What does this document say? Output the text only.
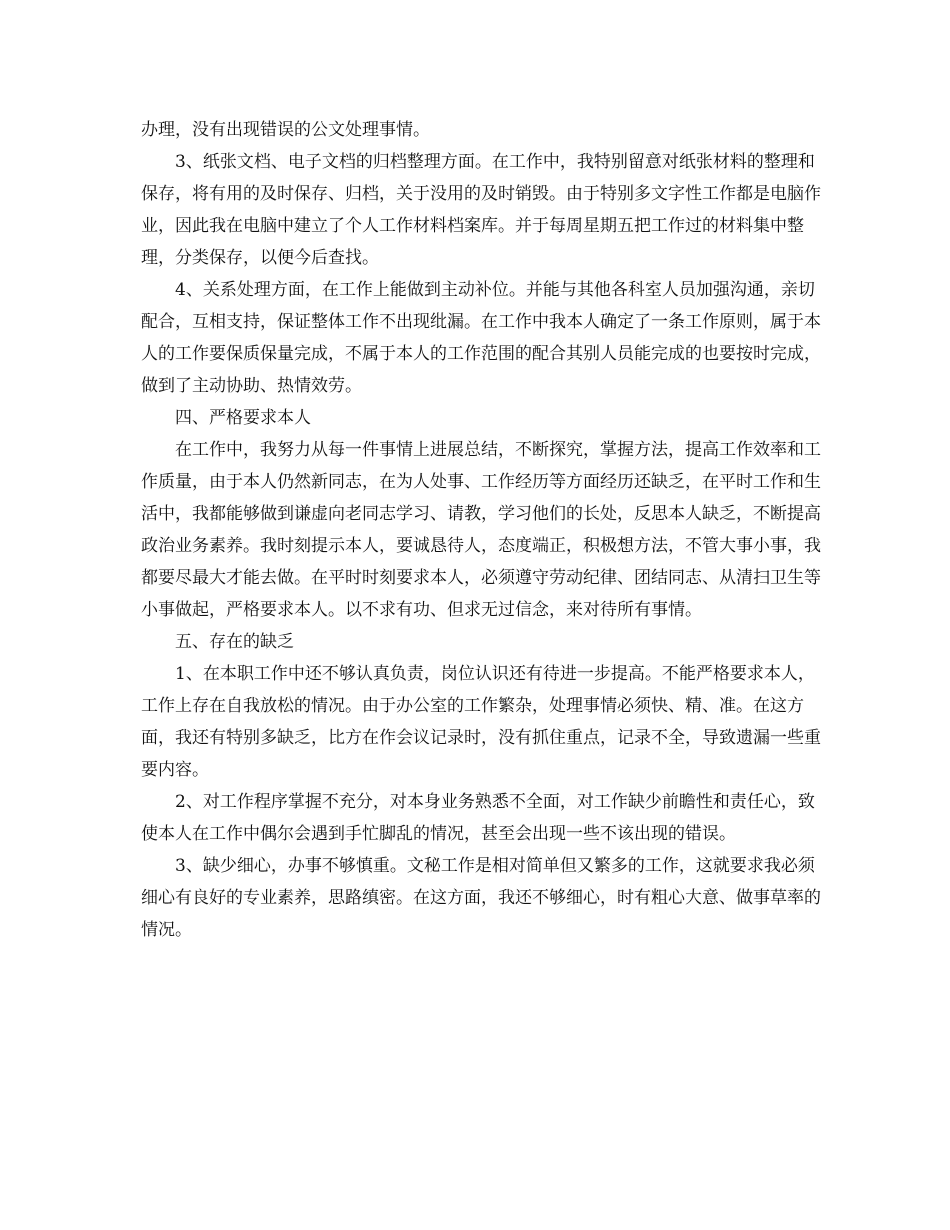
办理，没有出现错误的公文处理事情。

3、纸张文档、电子文档的归档整理方面。在工作中，我特别留意对纸张材料的整理和保存，将有用的及时保存、归档，关于没用的及时销毁。由于特别多文字性工作都是电脑作业，因此我在电脑中建立了个人工作材料档案库。并于每周星期五把工作过的材料集中整理，分类保存，以便今后查找。

4、关系处理方面，在工作上能做到主动补位。并能与其他各科室人员加强沟通，亲切配合，互相支持，保证整体工作不出现纰漏。在工作中我本人确定了一条工作原则，属于本人的工作要保质保量完成，不属于本人的工作范围的配合其别人员能完成的也要按时完成，做到了主动协助、热情效劳。

四、严格要求本人

在工作中，我努力从每一件事情上进展总结，不断探究，掌握方法，提高工作效率和工作质量，由于本人仍然新同志，在为人处事、工作经历等方面经历还缺乏，在平时工作和生活中，我都能够做到谦虚向老同志学习、请教，学习他们的长处，反思本人缺乏，不断提高政治业务素养。我时刻提示本人，要诚恳待人，态度端正，积极想方法，不管大事小事，我都要尽最大才能去做。在平时时刻要求本人，必须遵守劳动纪律、团结同志、从清扫卫生等小事做起，严格要求本人。以不求有功、但求无过信念，来对待所有事情。

五、存在的缺乏

1、在本职工作中还不够认真负责，岗位认识还有待进一步提高。不能严格要求本人，工作上存在自我放松的情况。由于办公室的工作繁杂，处理事情必须快、精、准。在这方面，我还有特别多缺乏，比方在作会议记录时，没有抓住重点，记录不全，导致遗漏一些重要内容。

2、对工作程序掌握不充分，对本身业务熟悉不全面，对工作缺少前瞻性和责任心，致使本人在工作中偶尔会遇到手忙脚乱的情况，甚至会出现一些不该出现的错误。

3、缺少细心，办事不够慎重。文秘工作是相对简单但又繁多的工作，这就要求我必须细心有良好的专业素养，思路缜密。在这方面，我还不够细心，时有粗心大意、做事草率的情况。
